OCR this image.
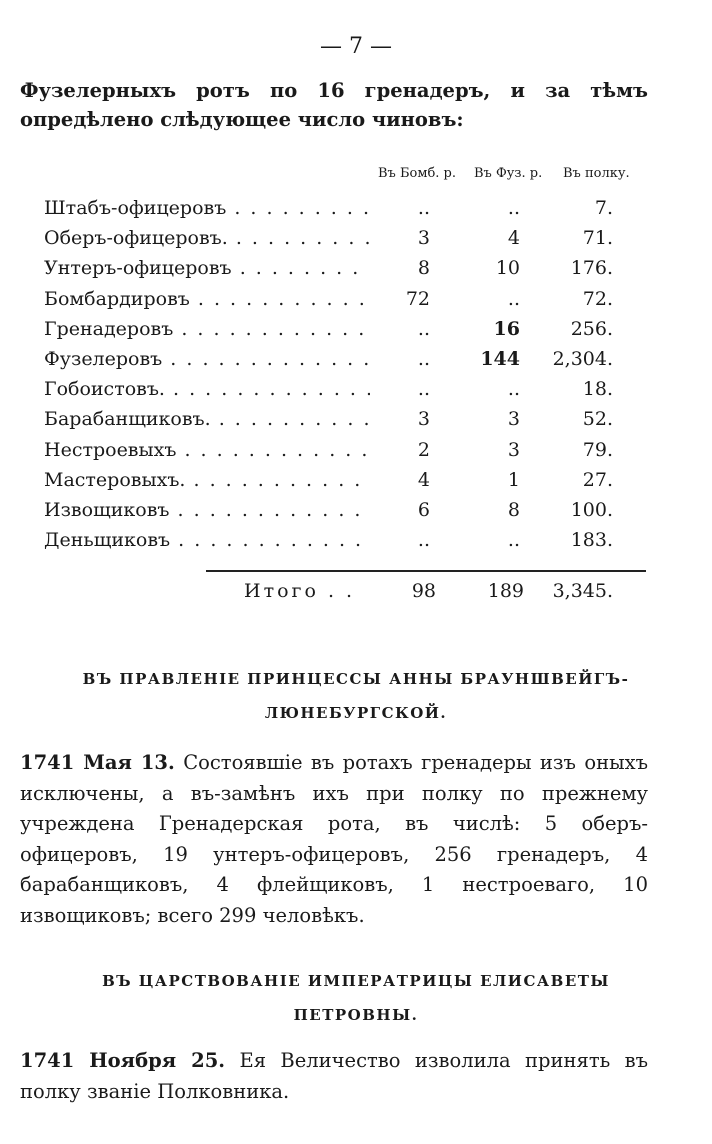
— 7 —
Фузелерныхъ ротъ по 16 гренадеръ, и за тѣмъ опредѣлено слѣдующее число чиновъ:
Въ Бомб. р. Въ Фуз. р. Въ полку.
Штабъ-офицеровъ . . .	..	..	7.
Оберъ-офицеровъ. . . .	3	4	71.
Унтеръ-офицеровъ . . .	8	10	176.
Бомбардировъ . . .	72	..	72.
Гренадеровъ . . .	..	16	256.
Фузелеровъ . . .	..	144 2,304.
Гобоистовъ. . . .	..	..	18.
Барабанщиковъ. . . .	3	3	52.
Нестроевыхъ . . .	2	3	79.
Мастеровыхъ. . . .	4	1	27.
Извощиковъ . . .	6	8	100.
Деньщиковъ . . .	..	..	183.
Итого . .	98	189 3,345.
ВЪ ПРАВЛЕНІЕ ПРИНЦЕССЫ АННЫ БРАУНШВЕЙГЪ-
ЛЮНЕБУРГСКОЙ.
1741 Мая 13. Состоявшіе въ ротахъ гренадеры изъ оныхъ исключены, а въ-замѣнъ ихъ при полку по прежнему учреждена Гренадерская рота, въ числѣ: 5 оберъ-офицеровъ, 19 унтеръ-офицеровъ, 256 гренадеръ, 4 барабанщиковъ, 4 флейщиковъ, 1 нестроеваго, 10 извощиковъ; всего 299 человѣкъ.
ВЪ ЦАРСТВОВАНІЕ ИМПЕРАТРИЦЫ ЕЛИСАВЕТЫ
ПЕТРОВНЫ.
1741 Ноября 25. Ея Величество изволила принять въ полку званіе Полковника.
